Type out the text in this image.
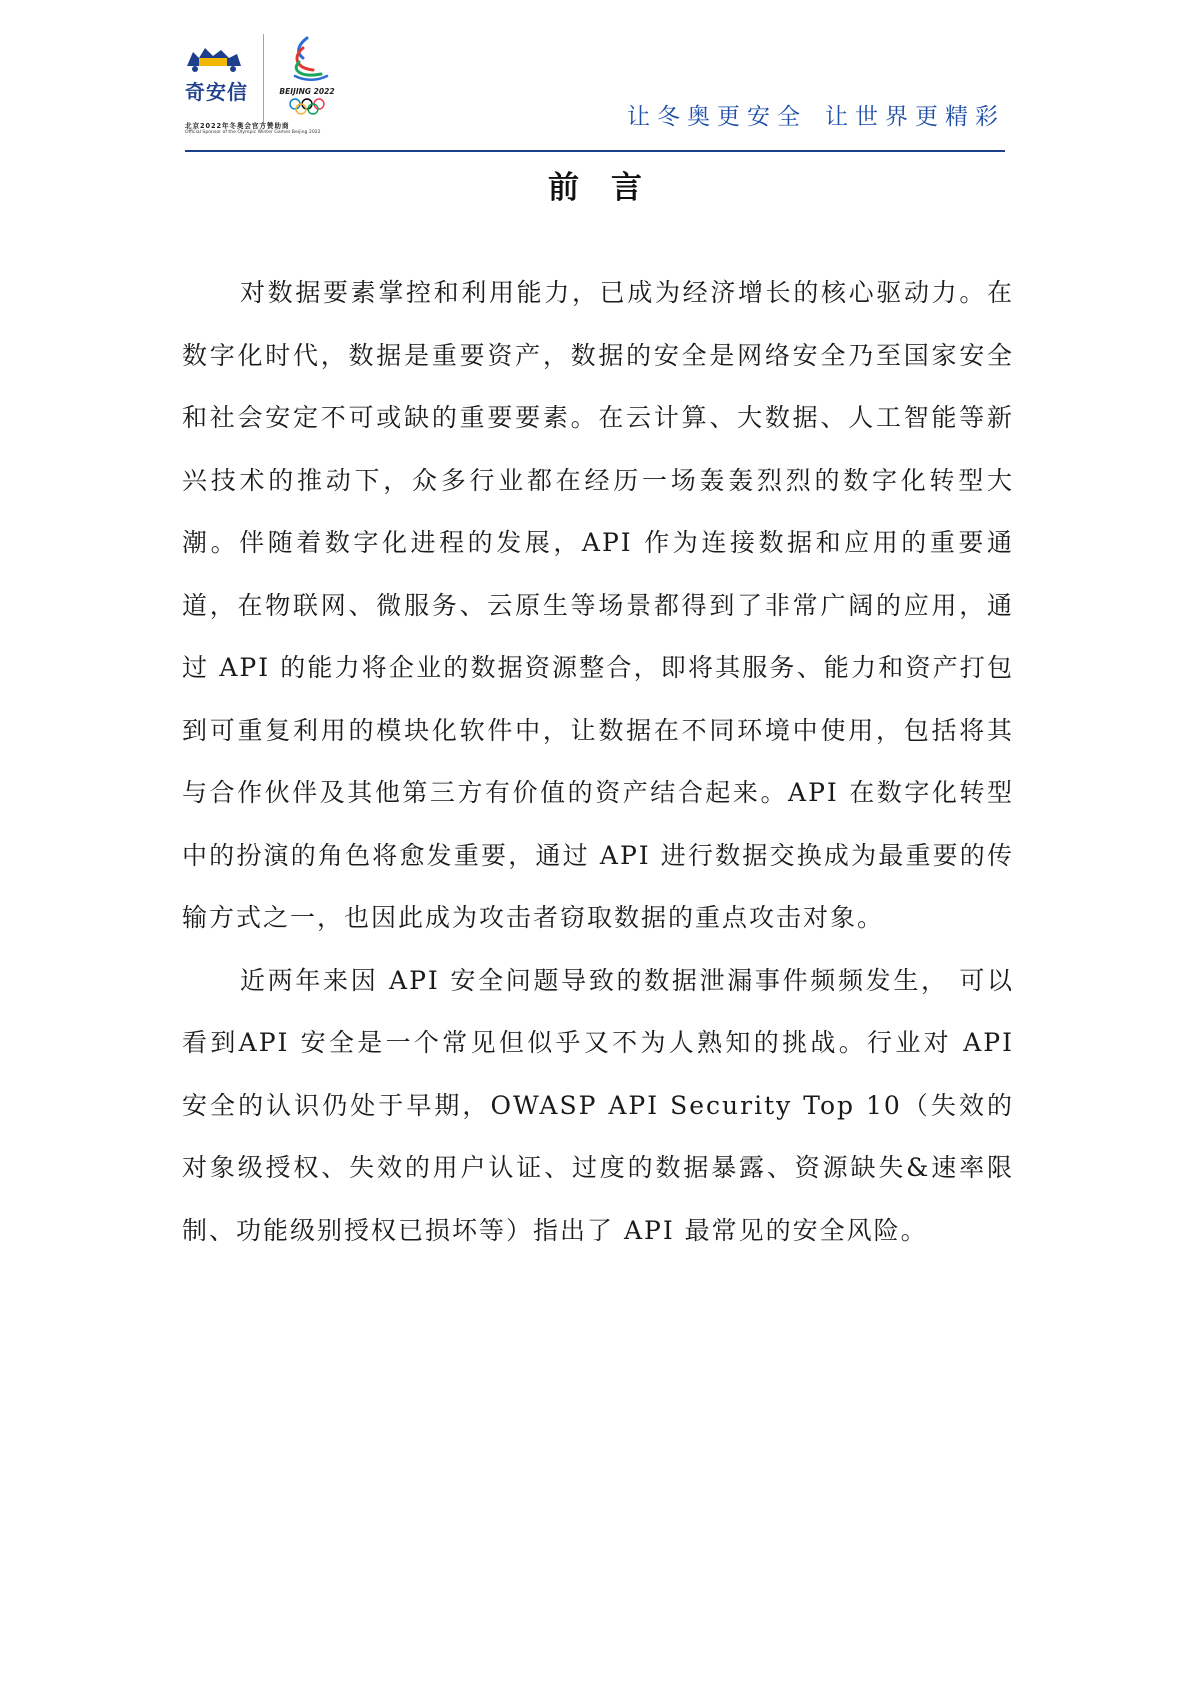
奇安信	BEIJING 2022
北京2022年冬奥会官方赞助商
Official Sponsor of the Olympic Winter Games Beijing 2022
让冬奥更安全 让世界更精彩
前言

对数据要素掌控和利用能力，已成为经济增长的核心驱动力。在数字化时代，数据是重要资产，数据的安全是网络安全乃至国家安全和社会安定不可或缺的重要要素。在云计算、大数据、人工智能等新兴技术的推动下，众多行业都在经历一场轰轰烈烈的数字化转型大潮。伴随着数字化进程的发展，API 作为连接数据和应用的重要通道，在物联网、微服务、云原生等场景都得到了非常广阔的应用，通过 API 的能力将企业的数据资源整合，即将其服务、能力和资产打包到可重复利用的模块化软件中，让数据在不同环境中使用，包括将其与合作伙伴及其他第三方有价值的资产结合起来。API 在数字化转型中的扮演的角色将愈发重要，通过 API 进行数据交换成为最重要的传输方式之一，也因此成为攻击者窃取数据的重点攻击对象。

近两年来因 API 安全问题导致的数据泄漏事件频频发生， 可以看到API 安全是一个常见但似乎又不为人熟知的挑战。行业对 API 安全的认识仍处于早期，OWASP API Security Top 10（失效的对象级授权、失效的用户认证、过度的数据暴露、资源缺失&速率限制、功能级别授权已损坏等）指出了 API 最常见的安全风险。
